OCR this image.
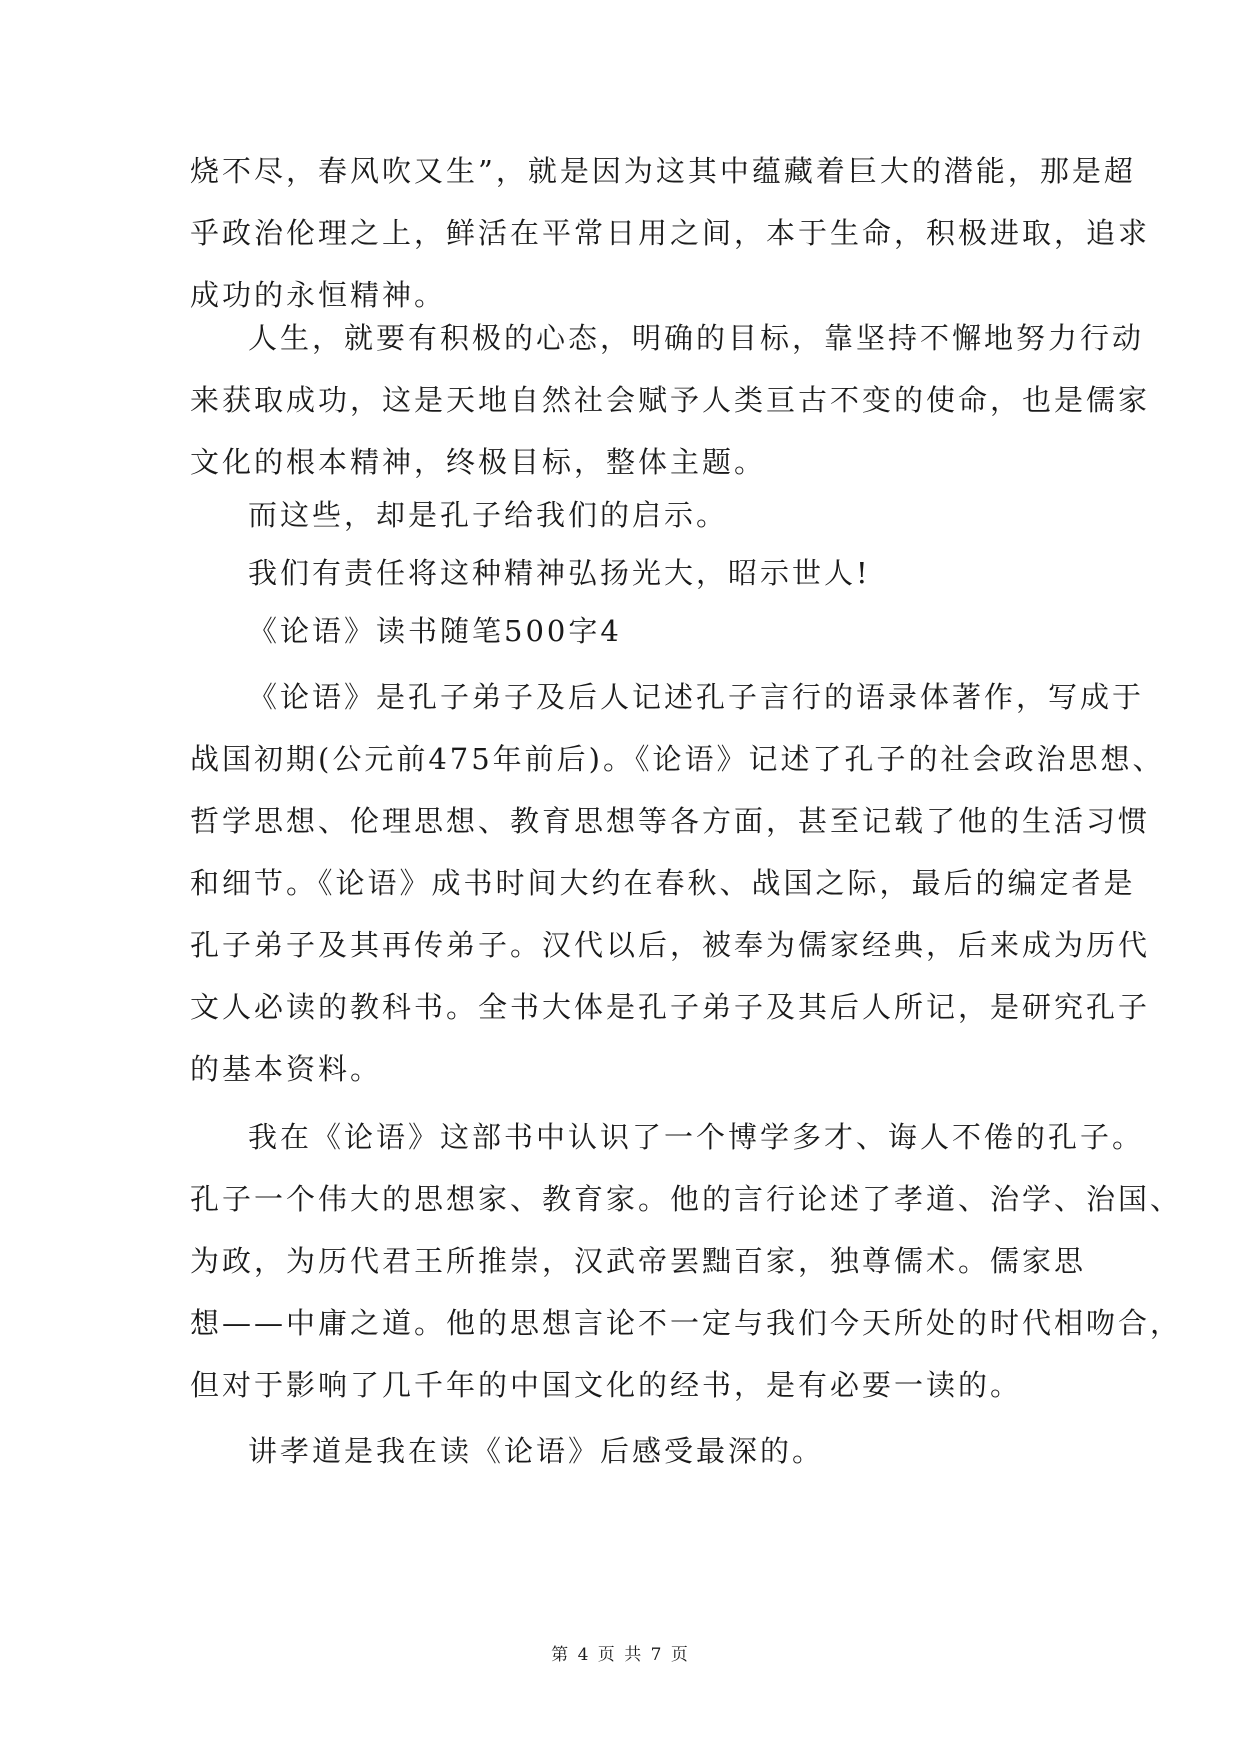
烧不尽，春风吹又生”，就是因为这其中蕴藏着巨大的潜能，那是超
乎政治伦理之上，鲜活在平常日用之间，本于生命，积极进取，追求
成功的永恒精神。
人生，就要有积极的心态，明确的目标，靠坚持不懈地努力行动
来获取成功，这是天地自然社会赋予人类亘古不变的使命，也是儒家
文化的根本精神，终极目标，整体主题。
而这些，却是孔子给我们的启示。
我们有责任将这种精神弘扬光大，昭示世人!
《论语》读书随笔500字4
《论语》是孔子弟子及后人记述孔子言行的语录体著作，写成于
战国初期(公元前475年前后)。《论语》记述了孔子的社会政治思想、
哲学思想、伦理思想、教育思想等各方面，甚至记载了他的生活习惯
和细节。《论语》成书时间大约在春秋、战国之际，最后的编定者是
孔子弟子及其再传弟子。汉代以后，被奉为儒家经典，后来成为历代
文人必读的教科书。全书大体是孔子弟子及其后人所记，是研究孔子
的基本资料。
我在《论语》这部书中认识了一个博学多才、诲人不倦的孔子。
孔子一个伟大的思想家、教育家。他的言行论述了孝道、治学、治国、
为政，为历代君王所推崇，汉武帝罢黜百家，独尊儒术。儒家思
想——中庸之道。他的思想言论不一定与我们今天所处的时代相吻合，
但对于影响了几千年的中国文化的经书，是有必要一读的。
讲孝道是我在读《论语》后感受最深的。
第 4 页 共 7 页
